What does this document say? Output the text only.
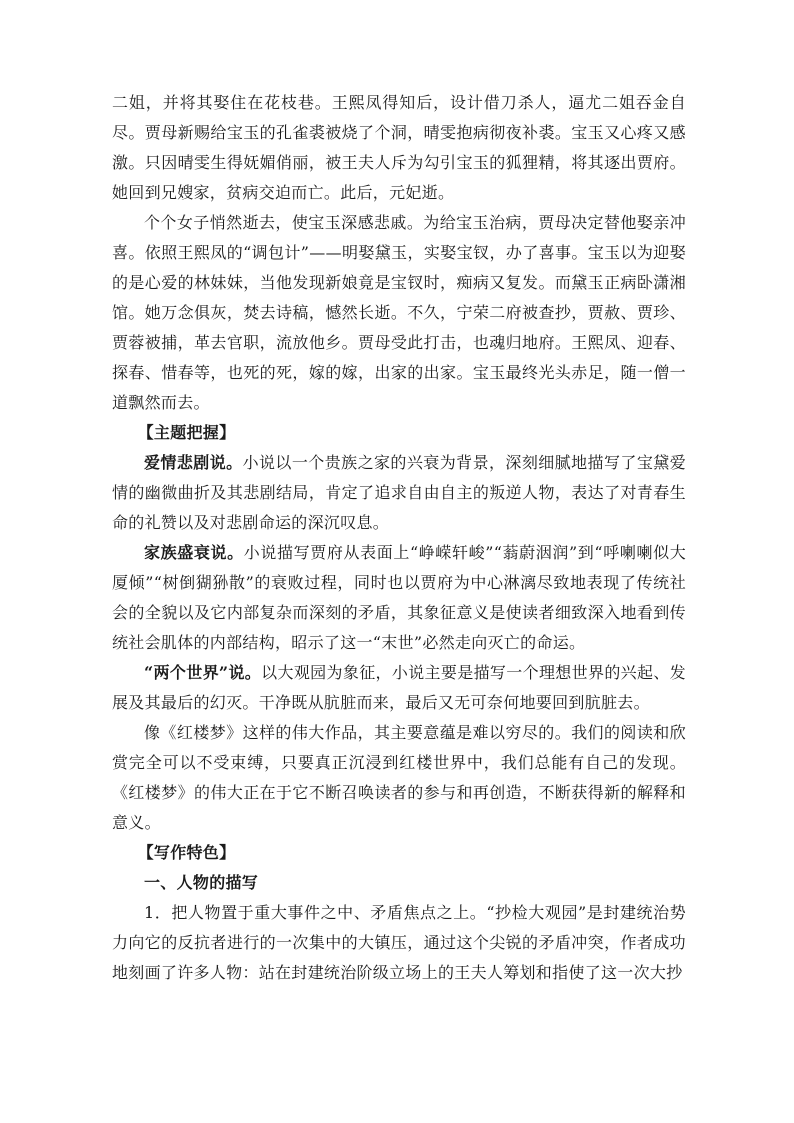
二姐，并将其娶住在花枝巷。王熙凤得知后，设计借刀杀人，逼尤二姐吞金自尽。贾母新赐给宝玉的孔雀裘被烧了个洞，晴雯抱病彻夜补裘。宝玉又心疼又感激。只因晴雯生得妩媚俏丽，被王夫人斥为勾引宝玉的狐狸精，将其逐出贾府。她回到兄嫂家，贫病交迫而亡。此后，元妃逝。

个个女子悄然逝去，使宝玉深感悲戚。为给宝玉治病，贾母决定替他娶亲冲喜。依照王熙凤的“调包计”——明娶黛玉，实娶宝钗，办了喜事。宝玉以为迎娶的是心爱的林妹妹，当他发现新娘竟是宝钗时，痴病又复发。而黛玉正病卧潇湘馆。她万念俱灰，焚去诗稿，憾然长逝。不久，宁荣二府被查抄，贾赦、贾珍、贾蓉被捕，革去官职，流放他乡。贾母受此打击，也魂归地府。王熙凤、迎春、探春、惜春等，也死的死，嫁的嫁，出家的出家。宝玉最终光头赤足，随一僧一道飘然而去。

【主题把握】

爱情悲剧说。小说以一个贵族之家的兴衰为背景，深刻细腻地描写了宝黛爱情的幽微曲折及其悲剧结局，肯定了追求自由自主的叛逆人物，表达了对青春生命的礼赞以及对悲剧命运的深沉叹息。

家族盛衰说。小说描写贾府从表面上“峥嵘轩峻”“蓊蔚洇润”到“呼喇喇似大厦倾”“树倒猢狲散”的衰败过程，同时也以贾府为中心淋漓尽致地表现了传统社会的全貌以及它内部复杂而深刻的矛盾，其象征意义是使读者细致深入地看到传统社会肌体的内部结构，昭示了这一“末世”必然走向灭亡的命运。

“两个世界”说。以大观园为象征，小说主要是描写一个理想世界的兴起、发展及其最后的幻灭。干净既从肮脏而来，最后又无可奈何地要回到肮脏去。

像《红楼梦》这样的伟大作品，其主要意蕴是难以穷尽的。我们的阅读和欣赏完全可以不受束缚，只要真正沉浸到红楼世界中，我们总能有自己的发现。《红楼梦》的伟大正在于它不断召唤读者的参与和再创造，不断获得新的解释和意义。

【写作特色】

一、人物的描写

1．把人物置于重大事件之中、矛盾焦点之上。“抄检大观园”是封建统治势力向它的反抗者进行的一次集中的大镇压，通过这个尖锐的矛盾冲突，作者成功地刻画了许多人物：站在封建统治阶级立场上的王夫人筹划和指使了这一次大抄
